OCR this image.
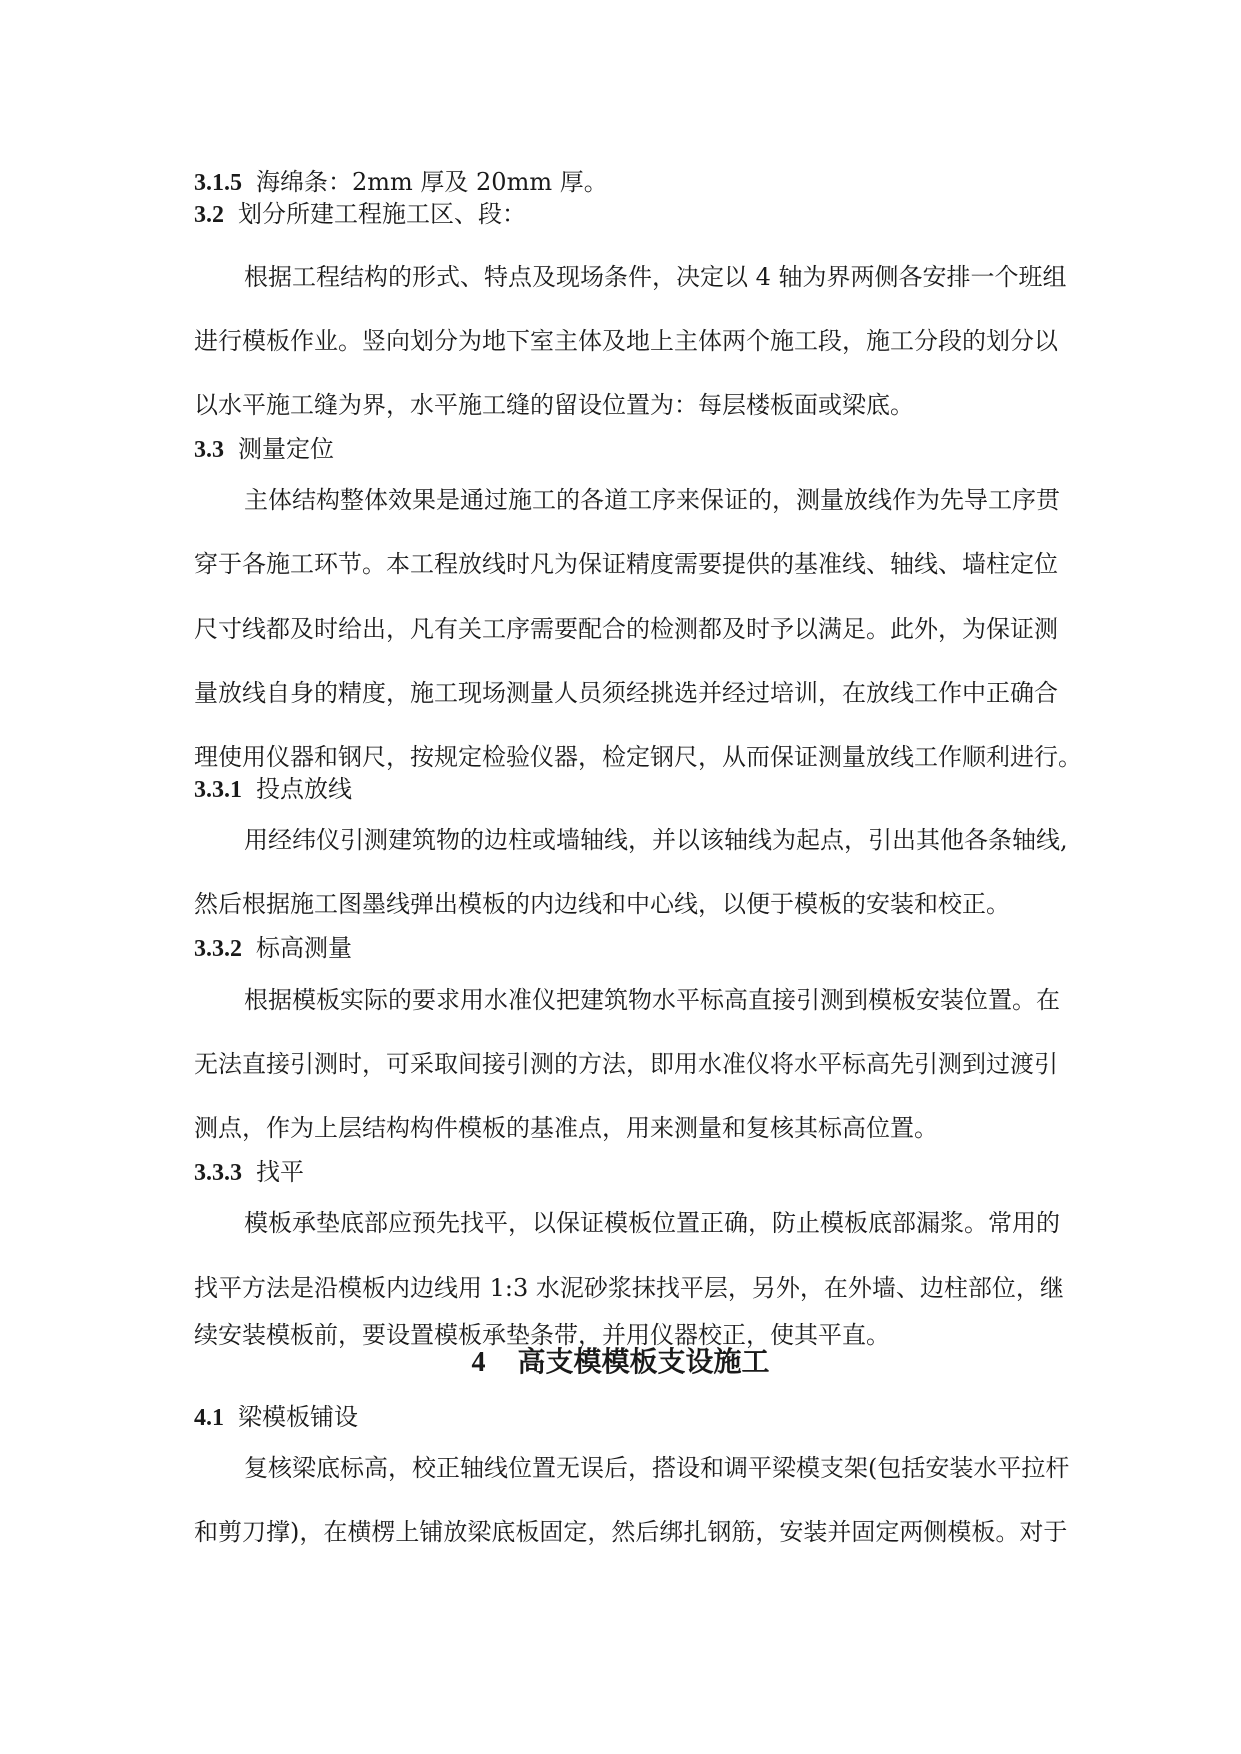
3.1.5 海绵条：2mm 厚及 20mm 厚。
3.2 划分所建工程施工区、段：
根据工程结构的形式、特点及现场条件，决定以 4 轴为界两侧各安排一个班组
进行模板作业。竖向划分为地下室主体及地上主体两个施工段，施工分段的划分以
以水平施工缝为界，水平施工缝的留设位置为：每层楼板面或梁底。
3.3 测量定位
主体结构整体效果是通过施工的各道工序来保证的，测量放线作为先导工序贯
穿于各施工环节。本工程放线时凡为保证精度需要提供的基准线、轴线、墙柱定位
尺寸线都及时给出，凡有关工序需要配合的检测都及时予以满足。此外，为保证测
量放线自身的精度，施工现场测量人员须经挑选并经过培训，在放线工作中正确合
理使用仪器和钢尺，按规定检验仪器，检定钢尺，从而保证测量放线工作顺利进行。
3.3.1 投点放线
用经纬仪引测建筑物的边柱或墙轴线，并以该轴线为起点，引出其他各条轴线,
然后根据施工图墨线弹出模板的内边线和中心线，以便于模板的安装和校正。
3.3.2 标高测量
根据模板实际的要求用水准仪把建筑物水平标高直接引测到模板安装位置。在
无法直接引测时，可采取间接引测的方法，即用水准仪将水平标高先引测到过渡引
测点，作为上层结构构件模板的基准点，用来测量和复核其标高位置。
3.3.3 找平
模板承垫底部应预先找平，以保证模板位置正确，防止模板底部漏浆。常用的
找平方法是沿模板内边线用 1:3 水泥砂浆抹找平层，另外，在外墙、边柱部位，继
续安装模板前，要设置模板承垫条带，并用仪器校正，使其平直。
4 高支模模板支设施工
4.1 梁模板铺设
复核梁底标高，校正轴线位置无误后，搭设和调平梁模支架(包括安装水平拉杆
和剪刀撑)，在横楞上铺放梁底板固定，然后绑扎钢筋，安装并固定两侧模板。对于
